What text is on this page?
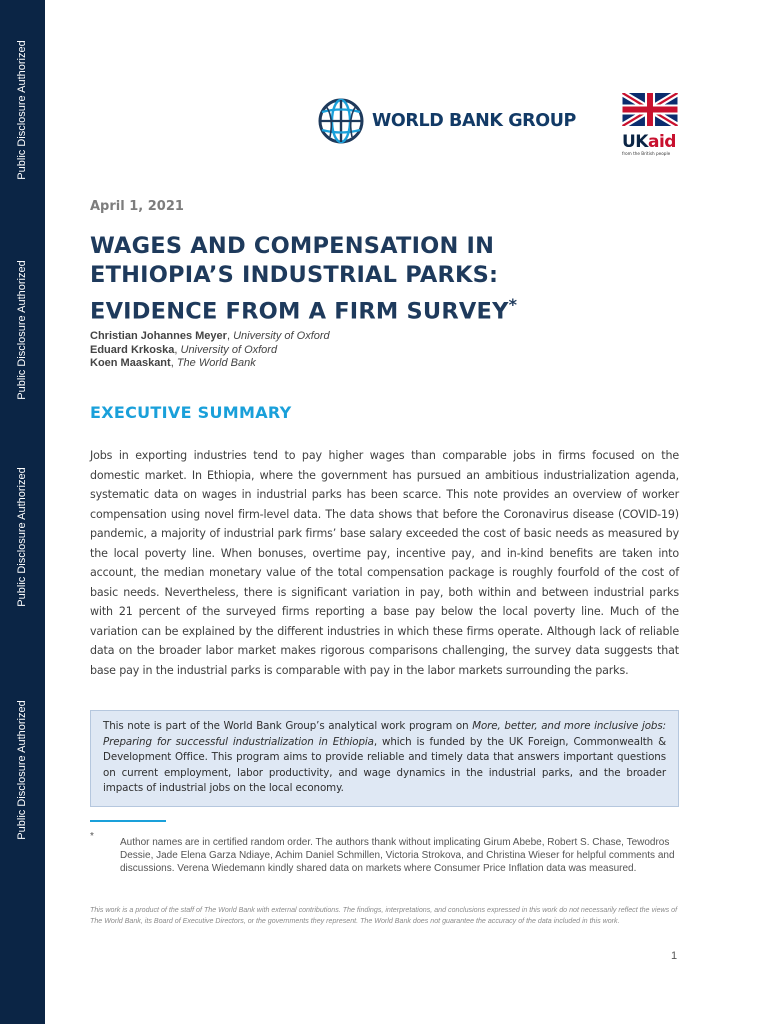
Public Disclosure Authorized
Public Disclosure Authorized
Public Disclosure Authorized
Public Disclosure Authorized
WORLD BANK GROUP
UKaid
from the British people
April 1, 2021
WAGES AND COMPENSATION IN
ETHIOPIA’S INDUSTRIAL PARKS:
EVIDENCE FROM A FIRM SURVEY*
Christian Johannes Meyer, University of Oxford
Eduard Krkoska, University of Oxford
Koen Maaskant, The World Bank
EXECUTIVE SUMMARY
Jobs in exporting industries tend to pay higher wages than comparable jobs in firms focused on the domestic market. In Ethiopia, where the government has pursued an ambitious industrialization agenda, systematic data on wages in industrial parks has been scarce. This note provides an overview of worker compensation using novel firm-level data. The data shows that before the Coronavirus disease (COVID-19) pandemic, a majority of industrial park firms’ base salary exceeded the cost of basic needs as measured by the local poverty line. When bonuses, overtime pay, incentive pay, and in-kind benefits are taken into account, the median monetary value of the total compensation package is roughly fourfold of the cost of basic needs. Nevertheless, there is significant variation in pay, both within and between industrial parks with 21 percent of the surveyed firms reporting a base pay below the local poverty line. Much of the variation can be explained by the different industries in which these firms operate. Although lack of reliable data on the broader labor market makes rigorous comparisons challenging, the survey data suggests that base pay in the industrial parks is comparable with pay in the labor markets surrounding the parks.
This note is part of the World Bank Group’s analytical work program on More, better, and more inclusive jobs: Preparing for successful industrialization in Ethiopia, which is funded by the UK Foreign, Commonwealth & Development Office. This program aims to provide reliable and timely data that answers important questions on current employment, labor productivity, and wage dynamics in the industrial parks, and the broader impacts of industrial jobs on the local economy.
*
Author names are in certified random order. The authors thank without implicating Girum Abebe, Robert S. Chase, Tewodros Dessie, Jade Elena Garza Ndiaye, Achim Daniel Schmillen, Victoria Strokova, and Christina Wieser for helpful comments and discussions. Verena Wiedemann kindly shared data on markets where Consumer Price Inflation data was measured.
This work is a product of the staff of The World Bank with external contributions. The findings, interpretations, and conclusions expressed in this work do not necessarily reflect the views of The World Bank, its Board of Executive Directors, or the governments they represent. The World Bank does not guarantee the accuracy of the data included in this work.
1
